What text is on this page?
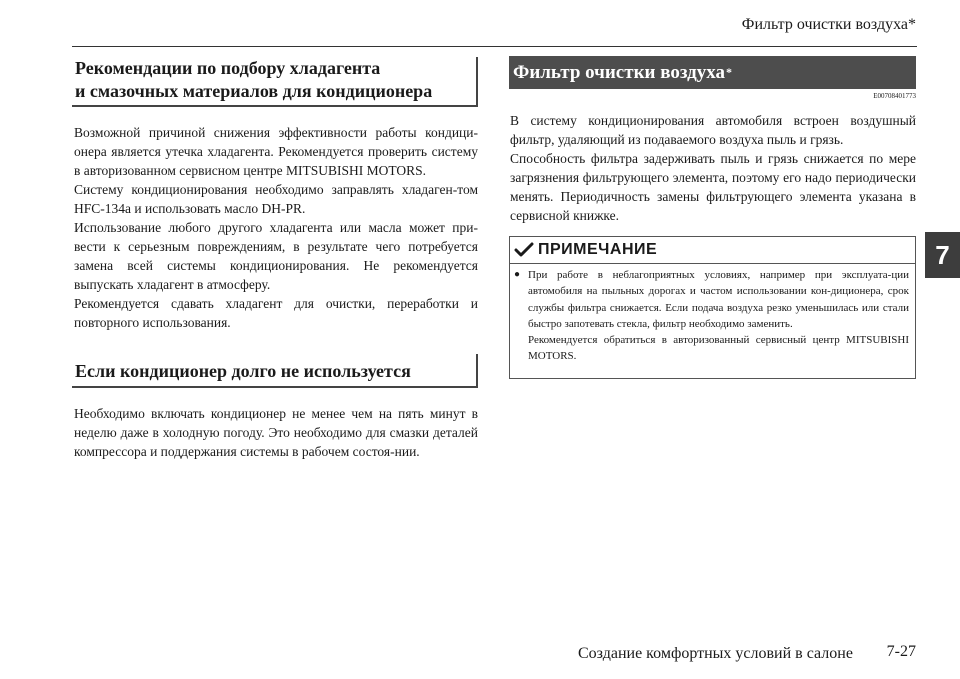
Фильтр очистки воздуха*
7
Рекомендации по подбору хладагента
и смазочных материалов для кондиционера

Возможной причиной снижения эффективности работы кондици-онера является утечка хладагента. Рекомендуется проверить систему в авторизованном сервисном центре MITSUBISHI MOTORS.

Систему кондиционирования необходимо заправлять хладаген-том HFC-134a и использовать масло DH-PR.

Использование любого другого хладагента или масла может при-вести к серьезным повреждениям, в результате чего потребуется замена всей системы кондиционирования. Не рекомендуется выпускать хладагент в атмосферу.

Рекомендуется сдавать хладагент для очистки, переработки и повторного использования.

Если кондиционер долго не используется

Необходимо включать кондиционер не менее чем на пять минут в неделю даже в холодную погоду. Это необходимо для смазки деталей компрессора и поддержания системы в рабочем состоя-нии.

Фильтр очистки воздуха *
E00708401773

В систему кондиционирования автомобиля встроен воздушный фильтр, удаляющий из подаваемого воздуха пыль и грязь.

Способность фильтра задерживать пыль и грязь снижается по мере загрязнения фильтрующего элемента, поэтому его надо периодически менять. Периодичность замены фильтрующего элемента указана в сервисной книжке.

ПРИМЕЧАНИЕ
● При работе в неблагоприятных условиях, например при эксплуата-ции автомобиля на пыльных дорогах и частом использовании кон-диционера, срок службы фильтра снижается. Если подача воздуха резко уменьшилась или стали быстро запотевать стекла, фильтр необходимо заменить.
Рекомендуется обратиться в авторизованный сервисный центр MITSUBISHI MOTORS.
Создание комфортных условий в салоне 7-27
